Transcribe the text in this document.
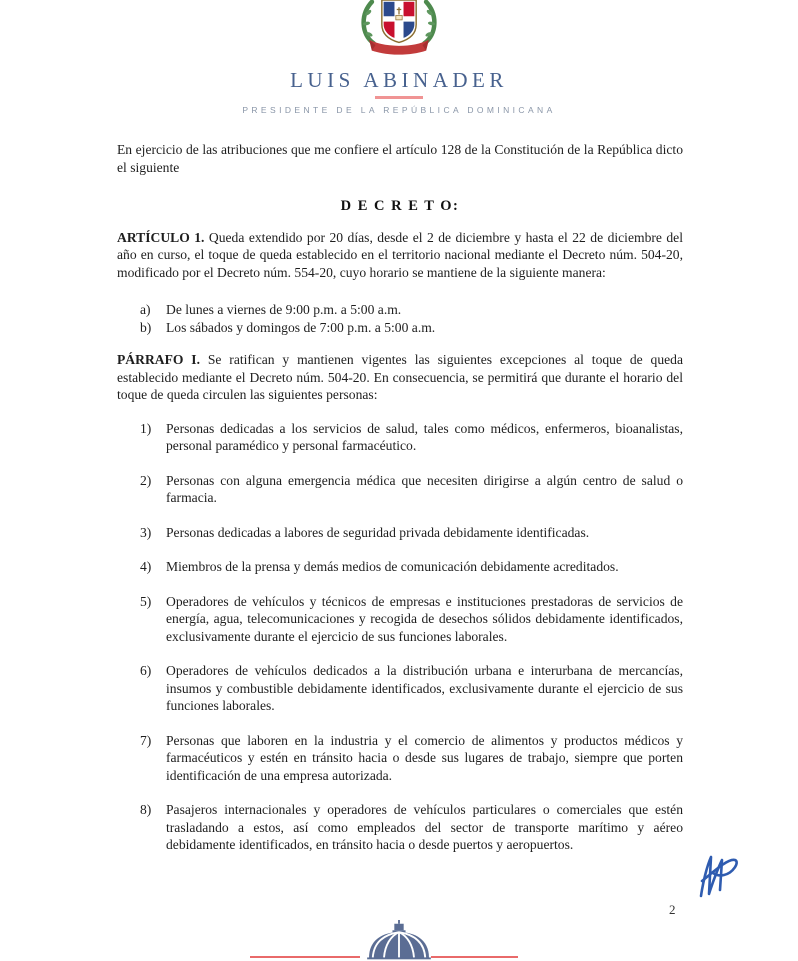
LUIS ABINADER
PRESIDENTE DE LA REPÚBLICA DOMINICANA

En ejercicio de las atribuciones que me confiere el artículo 128 de la Constitución de la República dicto el siguiente

D E C R E T O:

ARTÍCULO 1. Queda extendido por 20 días, desde el 2 de diciembre y hasta el 22 de diciembre del año en curso, el toque de queda establecido en el territorio nacional mediante el Decreto núm. 504-20, modificado por el Decreto núm. 554-20, cuyo horario se mantiene de la siguiente manera:

a)	De lunes a viernes de 9:00 p.m. a 5:00 a.m.
b)	Los sábados y domingos de 7:00 p.m. a 5:00 a.m.

PÁRRAFO I. Se ratifican y mantienen vigentes las siguientes excepciones al toque de queda establecido mediante el Decreto núm. 504-20. En consecuencia, se permitirá que durante el horario del toque de queda circulen las siguientes personas:

1)	Personas dedicadas a los servicios de salud, tales como médicos, enfermeros, bioanalistas, personal paramédico y personal farmacéutico.
2)	Personas con alguna emergencia médica que necesiten dirigirse a algún centro de salud o farmacia.
3)	Personas dedicadas a labores de seguridad privada debidamente identificadas.
4)	Miembros de la prensa y demás medios de comunicación debidamente acreditados.
5)	Operadores de vehículos y técnicos de empresas e instituciones prestadoras de servicios de energía, agua, telecomunicaciones y recogida de desechos sólidos debidamente identificados, exclusivamente durante el ejercicio de sus funciones laborales.
6)	Operadores de vehículos dedicados a la distribución urbana e interurbana de mercancías, insumos y combustible debidamente identificados, exclusivamente durante el ejercicio de sus funciones laborales.
7)	Personas que laboren en la industria y el comercio de alimentos y productos médicos y farmacéuticos y estén en tránsito hacia o desde sus lugares de trabajo, siempre que porten identificación de una empresa autorizada.
8)	Pasajeros internacionales y operadores de vehículos particulares o comerciales que estén trasladando a estos, así como empleados del sector de transporte marítimo y aéreo debidamente identificados, en tránsito hacia o desde puertos y aeropuertos.
2
